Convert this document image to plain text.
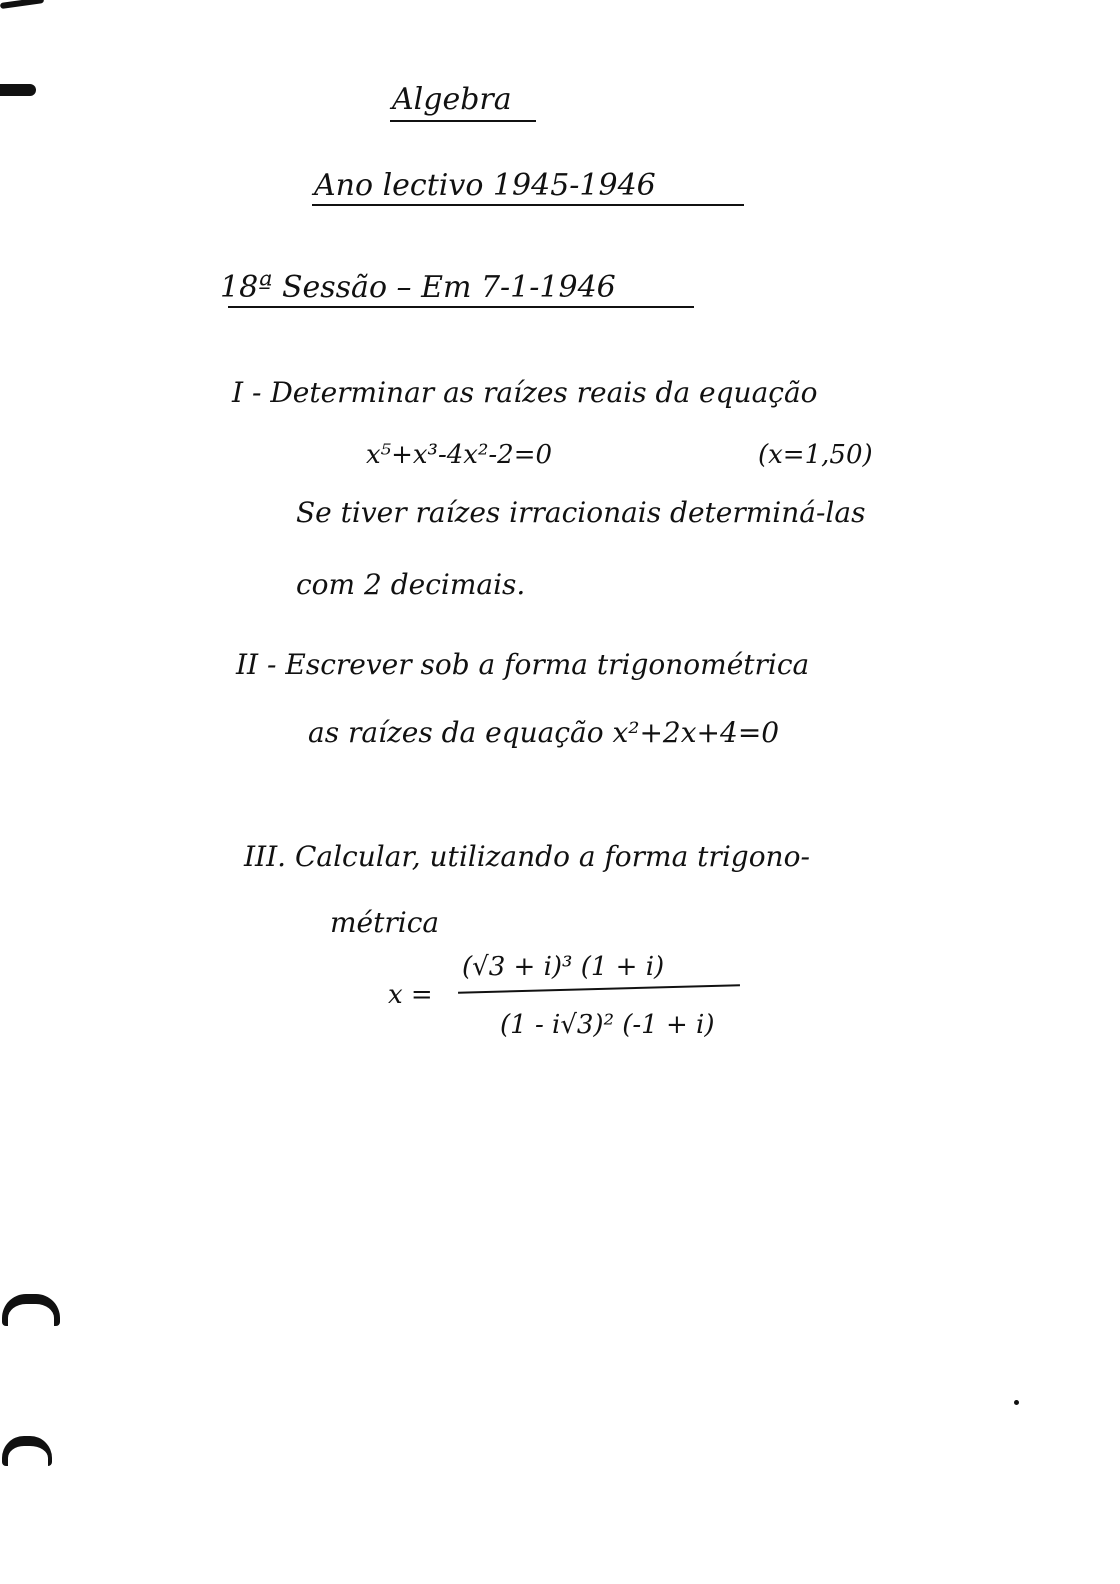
Algebra
Ano lectivo 1945-1946
18ª Sessão – Em 7-1-1946
I - Determinar as raízes reais da equação
x⁵+x³-4x²-2=0	(x=1,50)
Se tiver raízes irracionais determiná-las
com 2 decimais.
II - Escrever sob a forma trigonométrica
as raízes da equação x²+2x+4=0
III. Calcular, utilizando a forma trigono-
métrica
x =
(√3 + i)³ (1 + i)
(1 - i√3)² (-1 + i)
